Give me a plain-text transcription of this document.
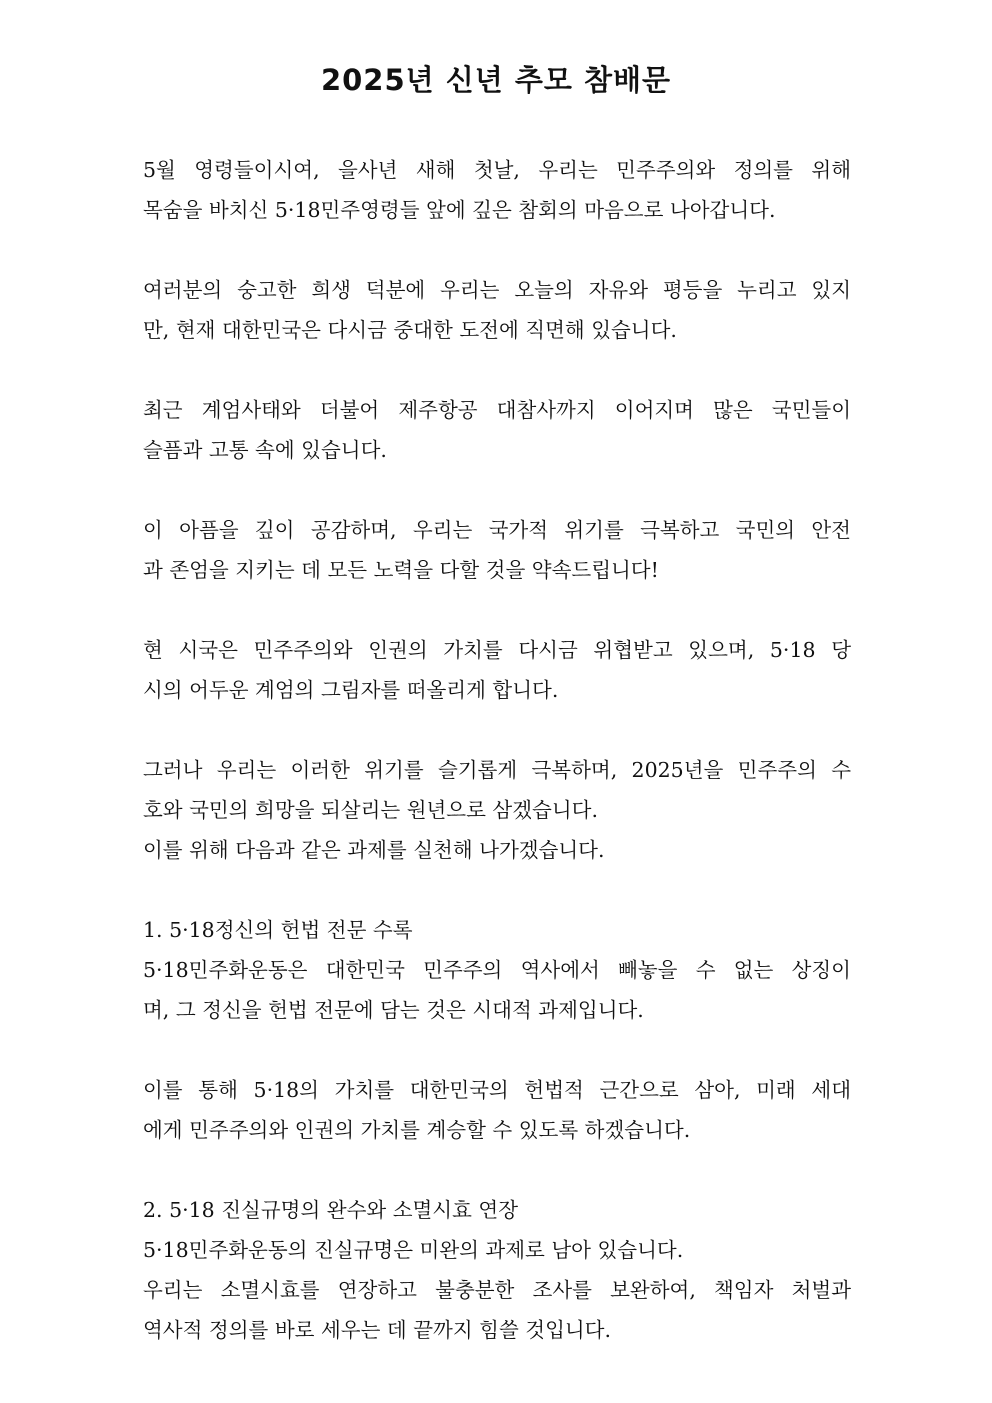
2025년 신년 추모 참배문
5월 영령들이시여, 을사년 새해 첫날, 우리는 민주주의와 정의를 위해
목숨을 바치신 5·18민주영령들 앞에 깊은 참회의 마음으로 나아갑니다.
여러분의 숭고한 희생 덕분에 우리는 오늘의 자유와 평등을 누리고 있지
만, 현재 대한민국은 다시금 중대한 도전에 직면해 있습니다.
최근 계엄사태와 더불어 제주항공 대참사까지 이어지며 많은 국민들이
슬픔과 고통 속에 있습니다.
이 아픔을 깊이 공감하며, 우리는 국가적 위기를 극복하고 국민의 안전
과 존엄을 지키는 데 모든 노력을 다할 것을 약속드립니다!
현 시국은 민주주의와 인권의 가치를 다시금 위협받고 있으며, 5·18 당
시의 어두운 계엄의 그림자를 떠올리게 합니다.
그러나 우리는 이러한 위기를 슬기롭게 극복하며, 2025년을 민주주의 수
호와 국민의 희망을 되살리는 원년으로 삼겠습니다.
이를 위해 다음과 같은 과제를 실천해 나가겠습니다.
1. 5·18정신의 헌법 전문 수록
5·18민주화운동은 대한민국 민주주의 역사에서 빼놓을 수 없는 상징이
며, 그 정신을 헌법 전문에 담는 것은 시대적 과제입니다.
이를 통해 5·18의 가치를 대한민국의 헌법적 근간으로 삼아, 미래 세대
에게 민주주의와 인권의 가치를 계승할 수 있도록 하겠습니다.
2. 5·18 진실규명의 완수와 소멸시효 연장
5·18민주화운동의 진실규명은 미완의 과제로 남아 있습니다.
우리는 소멸시효를 연장하고 불충분한 조사를 보완하여, 책임자 처벌과
역사적 정의를 바로 세우는 데 끝까지 힘쓸 것입니다.
